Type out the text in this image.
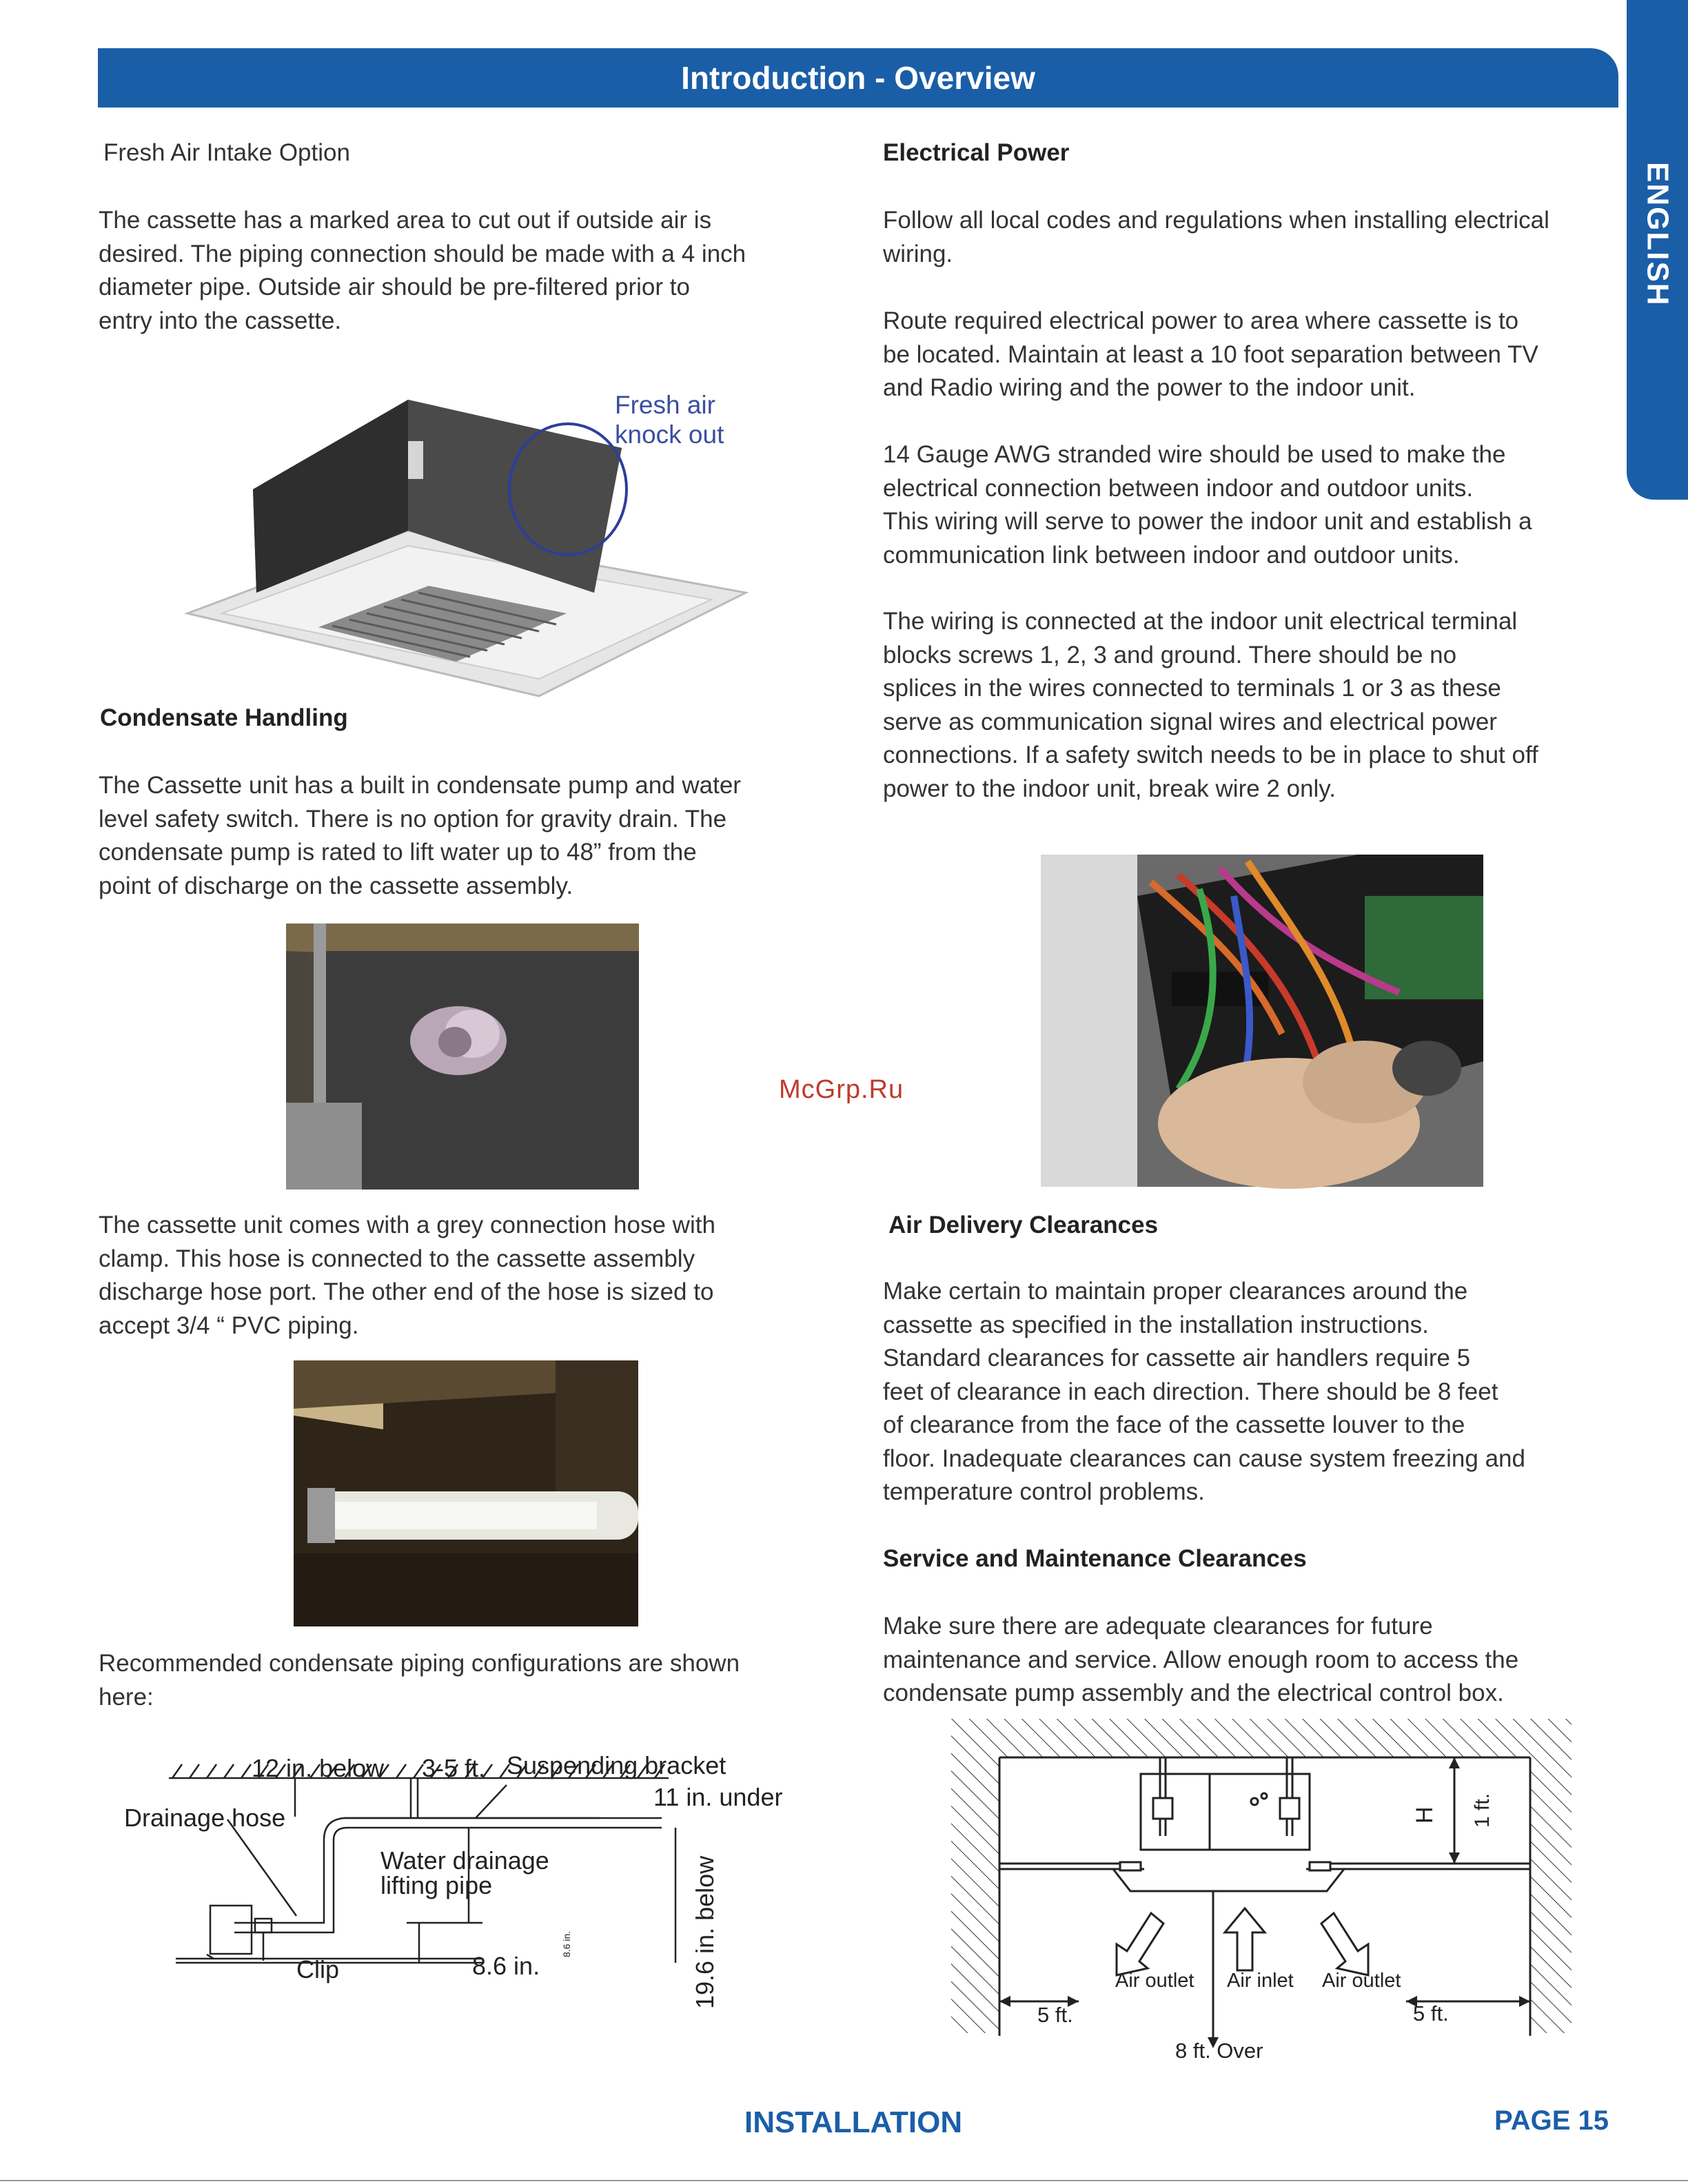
Introduction - Overview
ENGLISH
Fresh Air Intake Option
The cassette has a marked area to cut out if outside air is
desired. The piping connection should be made with a 4 inch
diameter pipe. Outside air should be pre-filtered prior to
entry into the cassette.
Fresh air
knock out
Condensate Handling
The Cassette unit has a built in condensate pump and water
level safety switch. There is no option for gravity drain. The
condensate pump is rated to lift water up to 48” from the
point of discharge on the cassette assembly.
The cassette unit comes with a grey connection hose with
clamp. This hose is connected to the cassette assembly
discharge hose port. The other end of the hose is sized to
accept 3/4 “ PVC piping.
Recommended condensate piping configurations are shown
here:
12 in. below 3-5 ft. Suspending bracket
11 in. under
Drainage hose
Water drainage
lifting pipe
8.6 in.	19.6 in. below
Clip	8.6 in.
Electrical Power
Follow all local codes and regulations when installing electrical
wiring.
Route required electrical power to area where cassette is to
be located. Maintain at least a 10 foot separation between TV
and Radio wiring and the power to the indoor unit.
14 Gauge AWG stranded wire should be used to make the
electrical connection between indoor and outdoor units.
This wiring will serve to power the indoor unit and establish a
communication link between indoor and outdoor units.
The wiring is connected at the indoor unit electrical terminal
blocks screws 1, 2, 3 and ground. There should be no
splices in the wires connected to terminals 1 or 3 as these
serve as communication signal wires and electrical power
connections. If a safety switch needs to be in place to shut off
power to the indoor unit, break wire 2 only.
McGrp.Ru
Air Delivery Clearances
Make certain to maintain proper clearances around the
cassette as specified in the installation instructions.
Standard clearances for cassette air handlers require 5
feet of clearance in each direction. There should be 8 feet
of clearance from the face of the cassette louver to the
floor. Inadequate clearances can cause system freezing and
temperature control problems.
Service and Maintenance Clearances
Make sure there are adequate clearances for future
maintenance and service. Allow enough room to access the
condensate pump assembly and the electrical control box.
Air outlet Air inlet Air outlet
5 ft.	5 ft.
8 ft. Over
H 1 ft.
INSTALLATION	PAGE 15
